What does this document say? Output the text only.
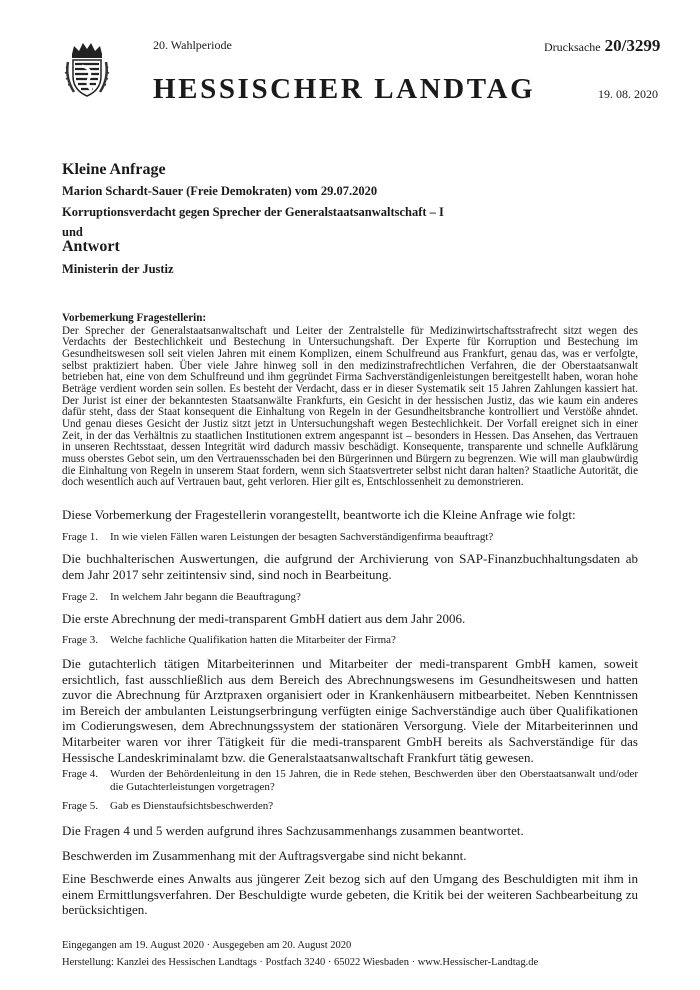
20. Wahlperiode	Drucksache 20/3299
HESSISCHER LANDTAG	19. 08. 2020
Kleine Anfrage
Marion Schardt-Sauer (Freie Demokraten) vom 29.07.2020
Korruptionsverdacht gegen Sprecher der Generalstaatsanwaltschaft – I
und
Antwort
Ministerin der Justiz
Vorbemerkung Fragestellerin:
Der Sprecher der Generalstaatsanwaltschaft und Leiter der Zentralstelle für Medizinwirtschaftsstrafrecht sitzt wegen des Verdachts der Bestechlichkeit und Bestechung in Untersuchungshaft. Der Experte für Korruption und Bestechung im Gesundheitswesen soll seit vielen Jahren mit einem Komplizen, einem Schulfreund aus Frankfurt, genau das, was er verfolgte, selbst praktiziert haben. Über viele Jahre hinweg soll in den medizinstrafrechtlichen Verfahren, die der Oberstaatsanwalt betrieben hat, eine von dem Schulfreund und ihm gegründet Firma Sachverständigenleistungen bereitgestellt haben, woran hohe Beträge verdient worden sein sollen. Es besteht der Verdacht, dass er in dieser Systematik seit 15 Jahren Zahlungen kassiert hat. Der Jurist ist einer der bekanntesten Staatsanwälte Frankfurts, ein Gesicht in der hessischen Justiz, das wie kaum ein anderes dafür steht, dass der Staat konsequent die Einhaltung von Regeln in der Gesundheitsbranche kontrolliert und Verstöße ahndet. Und genau dieses Gesicht der Justiz sitzt jetzt in Untersuchungshaft wegen Bestechlichkeit. Der Vorfall ereignet sich in einer Zeit, in der das Verhältnis zu staatlichen Institutionen extrem angespannt ist – besonders in Hessen. Das Ansehen, das Vertrauen in unseren Rechtsstaat, dessen Integrität wird dadurch massiv beschädigt. Konsequente, transparente und schnelle Aufklärung muss oberstes Gebot sein, um den Vertrauensschaden bei den Bürgerinnen und Bürgern zu begrenzen. Wie will man glaubwürdig die Einhaltung von Regeln in unserem Staat fordern, wenn sich Staatsvertreter selbst nicht daran halten? Staatliche Autorität, die doch wesentlich auch auf Vertrauen baut, geht verloren. Hier gilt es, Entschlossenheit zu demonstrieren.
Diese Vorbemerkung der Fragestellerin vorangestellt, beantworte ich die Kleine Anfrage wie folgt:
Frage 1. In wie vielen Fällen waren Leistungen der besagten Sachverständigenfirma beauftragt?
Die buchhalterischen Auswertungen, die aufgrund der Archivierung von SAP-Finanzbuchhaltungsdaten ab dem Jahr 2017 sehr zeitintensiv sind, sind noch in Bearbeitung.
Frage 2. In welchem Jahr begann die Beauftragung?
Die erste Abrechnung der medi-transparent GmbH datiert aus dem Jahr 2006.
Frage 3. Welche fachliche Qualifikation hatten die Mitarbeiter der Firma?
Die gutachterlich tätigen Mitarbeiterinnen und Mitarbeiter der medi-transparent GmbH kamen, soweit ersichtlich, fast ausschließlich aus dem Bereich des Abrechnungswesens im Gesundheitswesen und hatten zuvor die Abrechnung für Arztpraxen organisiert oder in Krankenhäusern mitbearbeitet. Neben Kenntnissen im Bereich der ambulanten Leistungserbringung verfügten einige Sachverständige auch über Qualifikationen im Codierungswesen, dem Abrechnungssystem der stationären Versorgung. Viele der Mitarbeiterinnen und Mitarbeiter waren vor ihrer Tätigkeit für die medi-transparent GmbH bereits als Sachverständige für das Hessische Landeskriminalamt bzw. die Generalstaatsanwaltschaft Frankfurt tätig gewesen.
Frage 4. Wurden der Behördenleitung in den 15 Jahren, die in Rede stehen, Beschwerden über den Oberstaatsanwalt und/oder die Gutachterleistungen vorgetragen?
Frage 5. Gab es Dienstaufsichtsbeschwerden?
Die Fragen 4 und 5 werden aufgrund ihres Sachzusammenhangs zusammen beantwortet.
Beschwerden im Zusammenhang mit der Auftragsvergabe sind nicht bekannt.
Eine Beschwerde eines Anwalts aus jüngerer Zeit bezog sich auf den Umgang des Beschuldigten mit ihm in einem Ermittlungsverfahren. Der Beschuldigte wurde gebeten, die Kritik bei der weiteren Sachbearbeitung zu berücksichtigen.
Eingegangen am 19. August 2020 · Ausgegeben am 20. August 2020
Herstellung: Kanzlei des Hessischen Landtags · Postfach 3240 · 65022 Wiesbaden · www.Hessischer-Landtag.de
